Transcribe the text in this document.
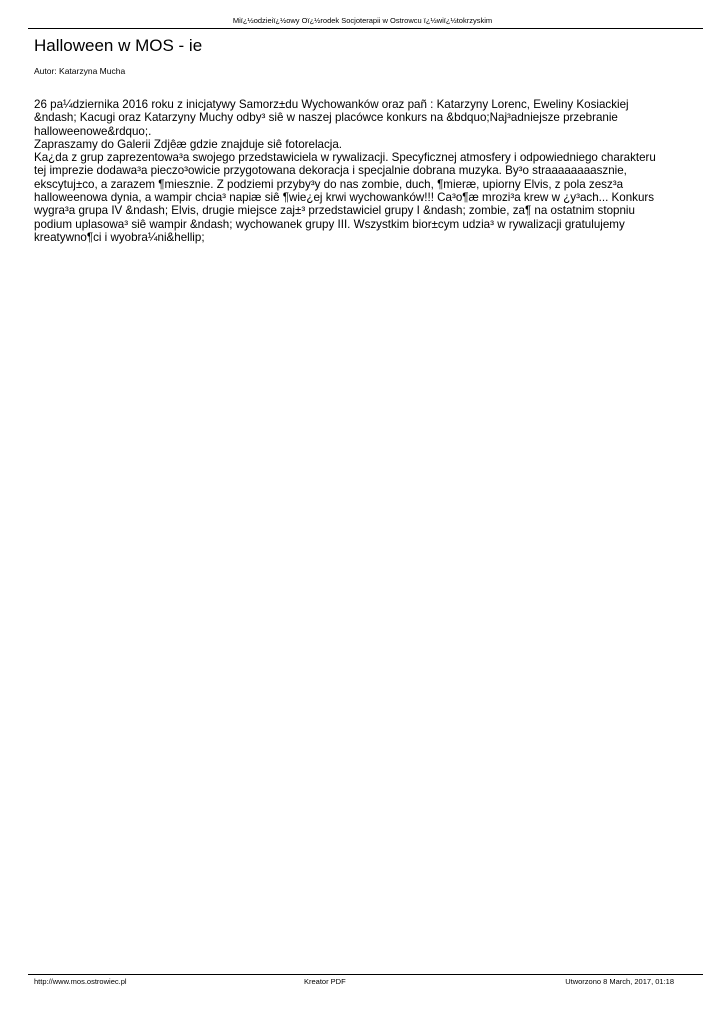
Miï¿½odzieiï¿½owy Oï¿½rodek Socjoterapii w Ostrowcu ï¿½wiï¿½tokrzyskim
Halloween w MOS - ie
Autor: Katarzyna Mucha

26 pa¼dziernika 2016 roku z inicjatywy Samorz±du Wychowanków oraz pañ : Katarzyny Lorenc, Eweliny Kosiackiej
&ndash; Kacugi oraz Katarzyny Muchy odby³ siê w naszej placówce konkurs na &bdquo;Naj³adniejsze przebranie
halloweenowe&rdquo;.

Zapraszamy do Galerii Zdjêæ gdzie znajduje siê fotorelacja.

Ka¿da z grup zaprezentowa³a swojego przedstawiciela w rywalizacji. Specyficznej atmosfery i odpowiedniego charakteru
tej imprezie dodawa³a pieczo³owicie przygotowana dekoracja i specjalnie dobrana muzyka. By³o straaaaaaaasznie,
ekscytuj±co, a zarazem ¶miesznie. Z podziemi przyby³y do nas zombie, duch, ¶mieræ, upiorny Elvis, z pola zesz³a
halloweenowa dynia, a wampir chcia³ napiæ siê ¶wie¿ej krwi wychowanków!!! Ca³o¶æ mrozi³a krew w ¿y³ach... Konkurs
wygra³a grupa IV &ndash; Elvis, drugie miejsce zaj±³ przedstawiciel grupy I &ndash; zombie, za¶ na ostatnim stopniu
podium uplasowa³ siê wampir &ndash; wychowanek grupy III. Wszystkim bior±cym udzia³ w rywalizacji gratulujemy
kreatywno¶ci i wyobra¼ni&hellip;

http://www.mos.ostrowiec.pl	Kreator PDF	Utworzono 8 March, 2017, 01:18
